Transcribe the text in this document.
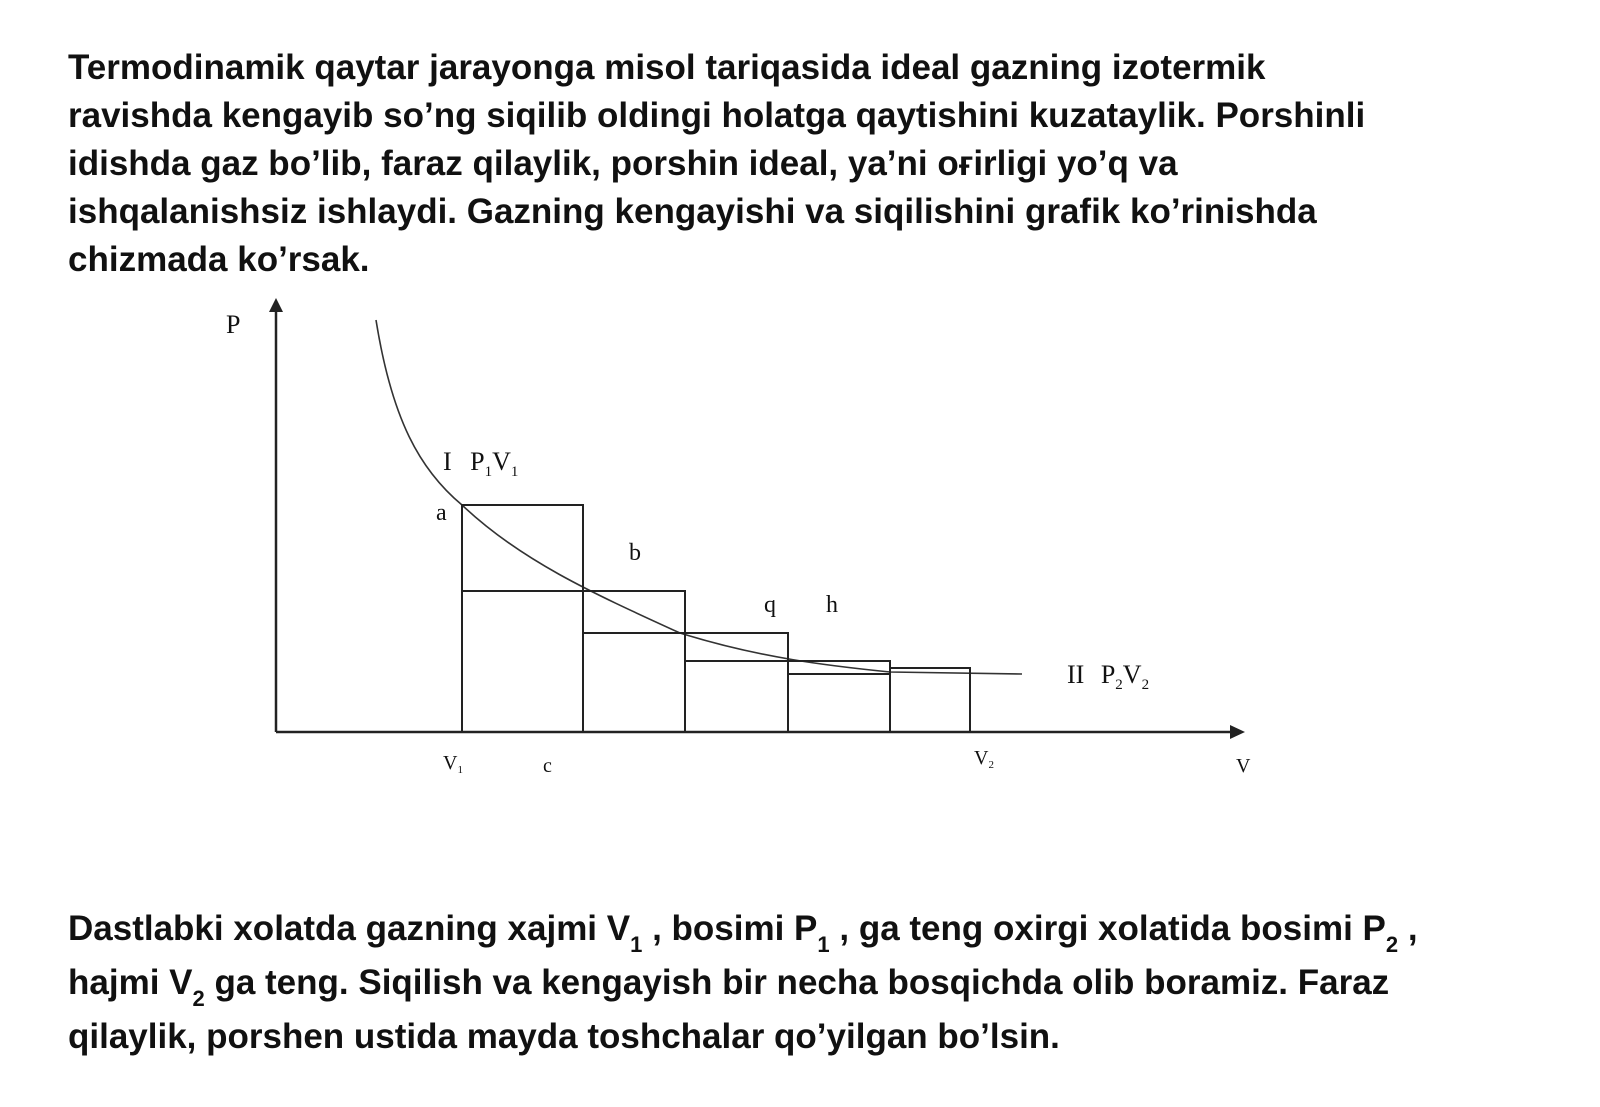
Termodinamik qaytar jarayonga misol tariqasida ideal gazning izotermik
ravishda kengayib so’ng siqilib oldingi holatga qaytishini kuzataylik. Porshinli
idishda gaz bo’lib, faraz qilaylik, porshin ideal, ya’ni oғirligi yo’q va
ishqalanishsiz ishlaydi. Gazning kengayishi va siqilishini grafik ko’rinishda
chizmada ko’rsak.
P
V
I $P_1V_1$
II $P_2V_2$
a
b
q h
c
$V_1$
$V_2$
Dastlabki xolatda gazning xajmi $V_1$ , bosimi $P_1$ , ga teng oxirgi xolatida bosimi $P_2$ ,
hajmi $V_2$ ga teng. Siqilish va kengayish bir necha bosqichda olib boramiz. Faraz
qilaylik, porshen ustida mayda toshchalar qo’yilgan bo’lsin.
